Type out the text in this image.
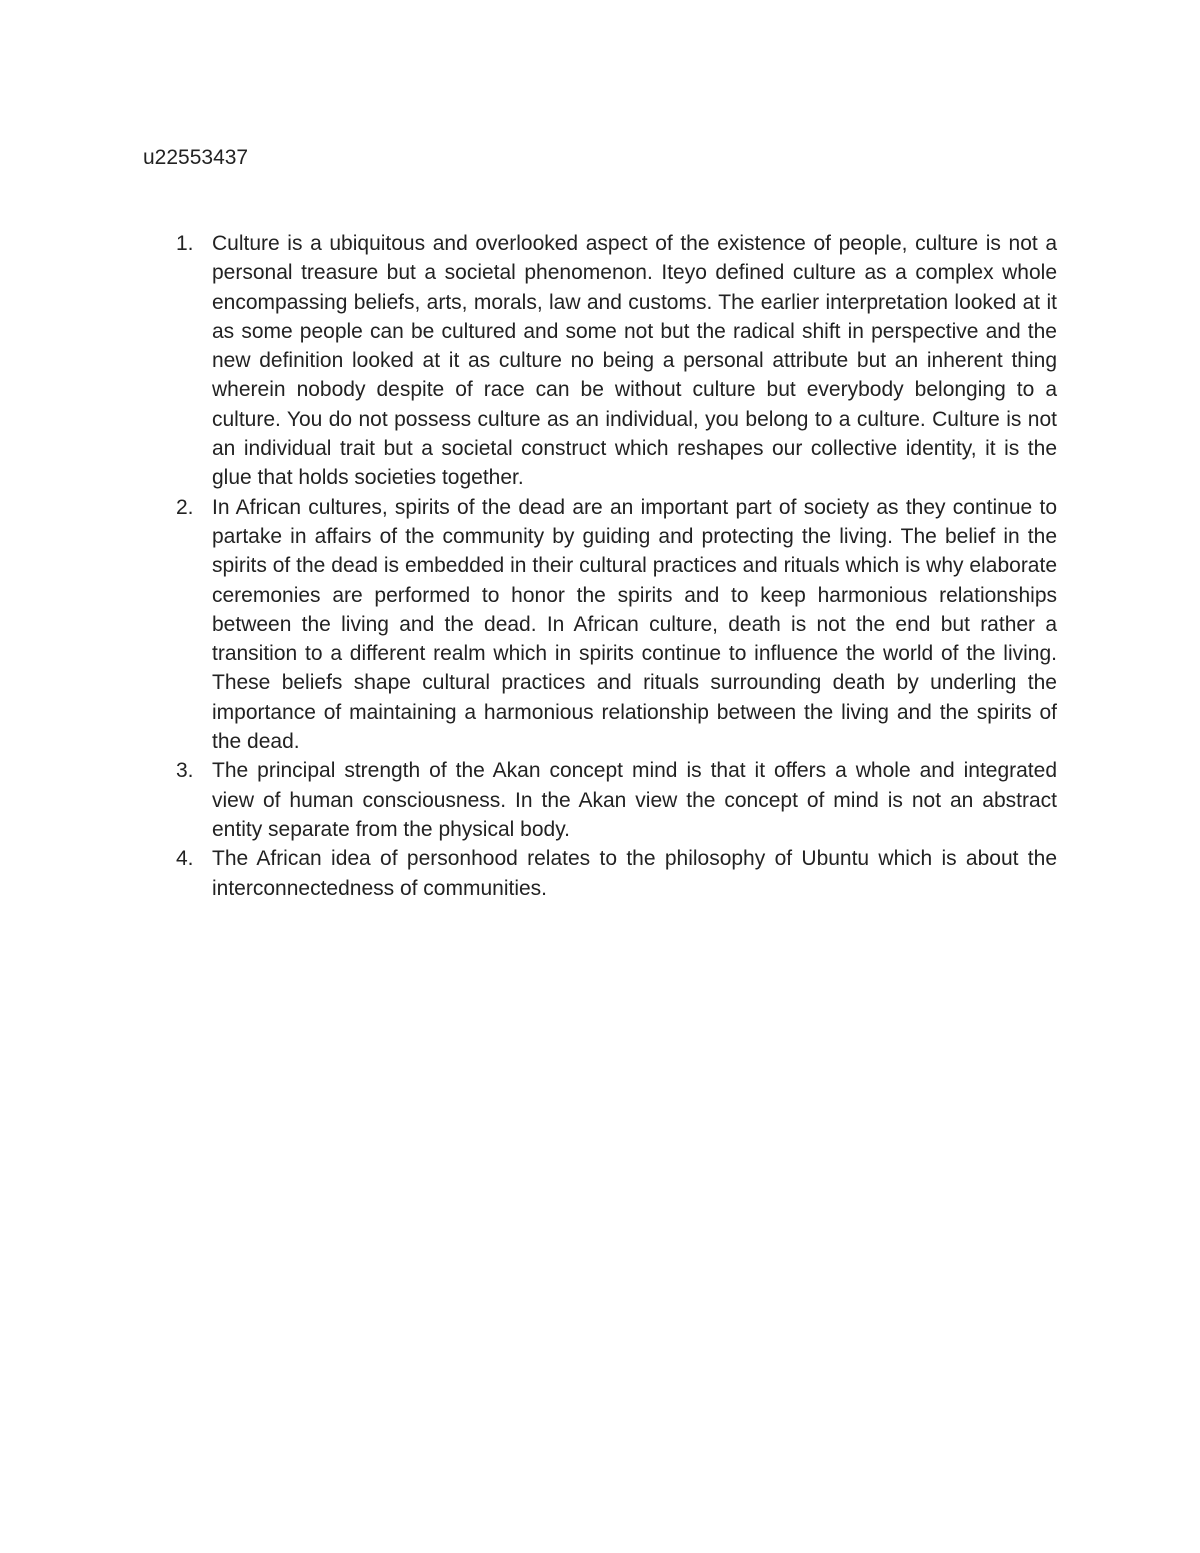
u22553437
1. Culture is a ubiquitous and overlooked aspect of the existence of people, culture is not a personal treasure but a societal phenomenon. Iteyo defined culture as a complex whole encompassing beliefs, arts, morals, law and customs. The earlier interpretation looked at it as some people can be cultured and some not but the radical shift in perspective and the new definition looked at it as culture no being a personal attribute but an inherent thing wherein nobody despite of race can be without culture but everybody belonging to a culture. You do not possess culture as an individual, you belong to a culture. Culture is not an individual trait but a societal construct which reshapes our collective identity, it is the glue that holds societies together.
2. In African cultures, spirits of the dead are an important part of society as they continue to partake in affairs of the community by guiding and protecting the living. The belief in the spirits of the dead is embedded in their cultural practices and rituals which is why elaborate ceremonies are performed to honor the spirits and to keep harmonious relationships between the living and the dead. In African culture, death is not the end but rather a transition to a different realm which in spirits continue to influence the world of the living. These beliefs shape cultural practices and rituals surrounding death by underling the importance of maintaining a harmonious relationship between the living and the spirits of the dead.
3. The principal strength of the Akan concept mind is that it offers a whole and integrated view of human consciousness. In the Akan view the concept of mind is not an abstract entity separate from the physical body.
4. The African idea of personhood relates to the philosophy of Ubuntu which is about the interconnectedness of communities.
